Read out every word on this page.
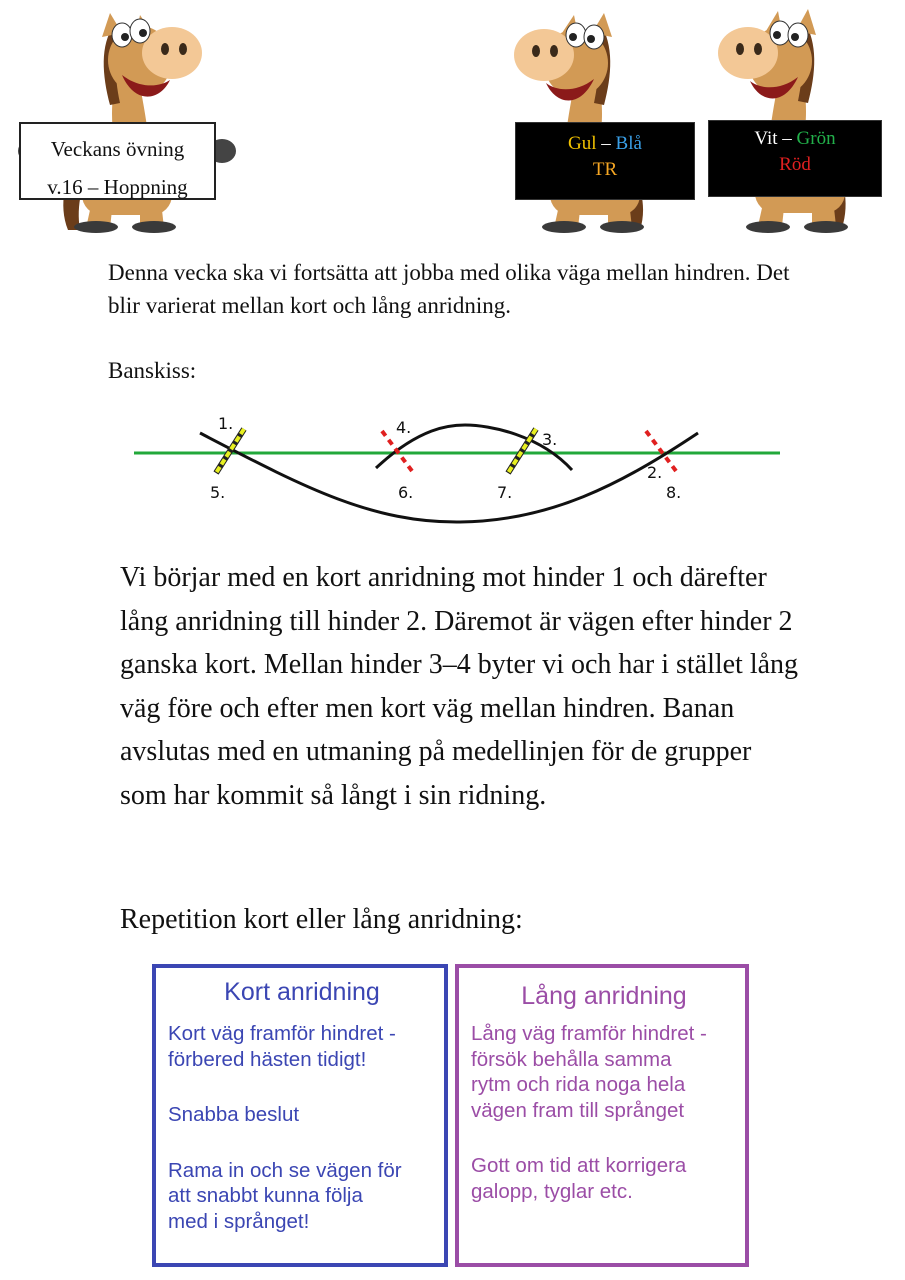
Veckans övning
v.16 – Hoppning
Gul – Blå
TR
Vit – Grön
Röd

Denna vecka ska vi fortsätta att jobba med olika väga mellan hindren. Det blir varierat mellan kort och lång anridning.

Banskiss:

1.	4.
3.
2.
5.	6.	7.	8.

Vi börjar med en kort anridning mot hinder 1 och därefter lång anridning till hinder 2. Däremot är vägen efter hinder 2 ganska kort. Mellan hinder 3–4 byter vi och har i stället lång väg före och efter men kort väg mellan hindren. Banan avslutas med en utmaning på medellinjen för de grupper som har kommit så långt i sin ridning.

Repetition kort eller lång anridning:

Kort anridning

Kort väg framför hindret -
förbered hästen tidigt!

Snabba beslut

Rama in och se vägen för
att snabbt kunna följa
med i språnget!

Lång anridning

Lång väg framför hindret -
försök behålla samma
rytm och rida noga hela
vägen fram till språnget

Gott om tid att korrigera
galopp, tyglar etc.
